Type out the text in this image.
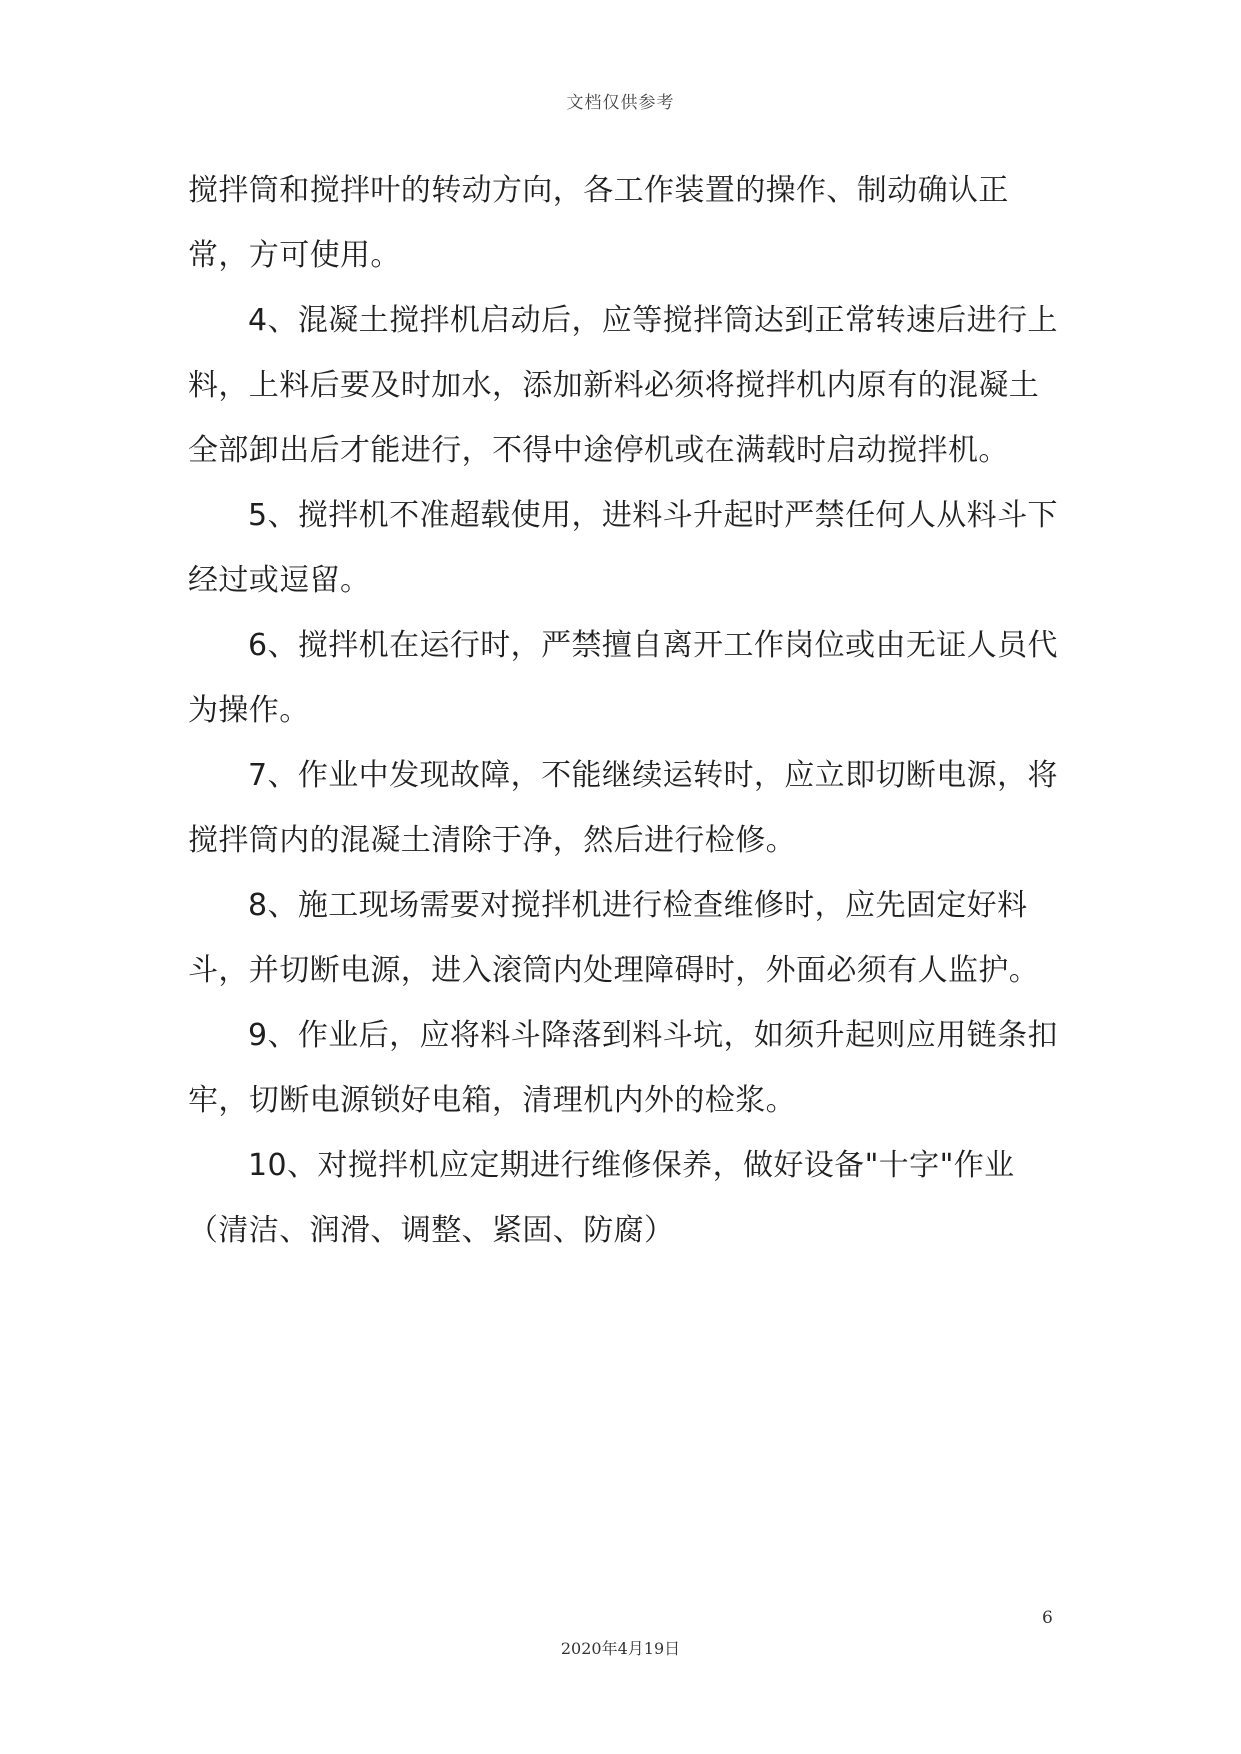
文档仅供参考

搅拌筒和搅拌叶的转动方向，各工作装置的操作、制动确认正常，方可使用。

4、混凝土搅拌机启动后，应等搅拌筒达到正常转速后进行上料，上料后要及时加水，添加新料必须将搅拌机内原有的混凝土全部卸出后才能进行，不得中途停机或在满载时启动搅拌机。

5、搅拌机不准超载使用，进料斗升起时严禁任何人从料斗下经过或逗留。

6、搅拌机在运行时，严禁擅自离开工作岗位或由无证人员代为操作。

7、作业中发现故障，不能继续运转时，应立即切断电源，将搅拌筒内的混凝土清除于净，然后进行检修。

8、施工现场需要对搅拌机进行检查维修时，应先固定好料斗，并切断电源，进入滚筒内处理障碍时，外面必须有人监护。

9、作业后，应将料斗降落到料斗坑，如须升起则应用链条扣牢，切断电源锁好电箱，清理机内外的检浆。

10、对搅拌机应定期进行维修保养，做好设备"十字"作业（清洁、润滑、调整、紧固、防腐）

6
2020年4月19日
